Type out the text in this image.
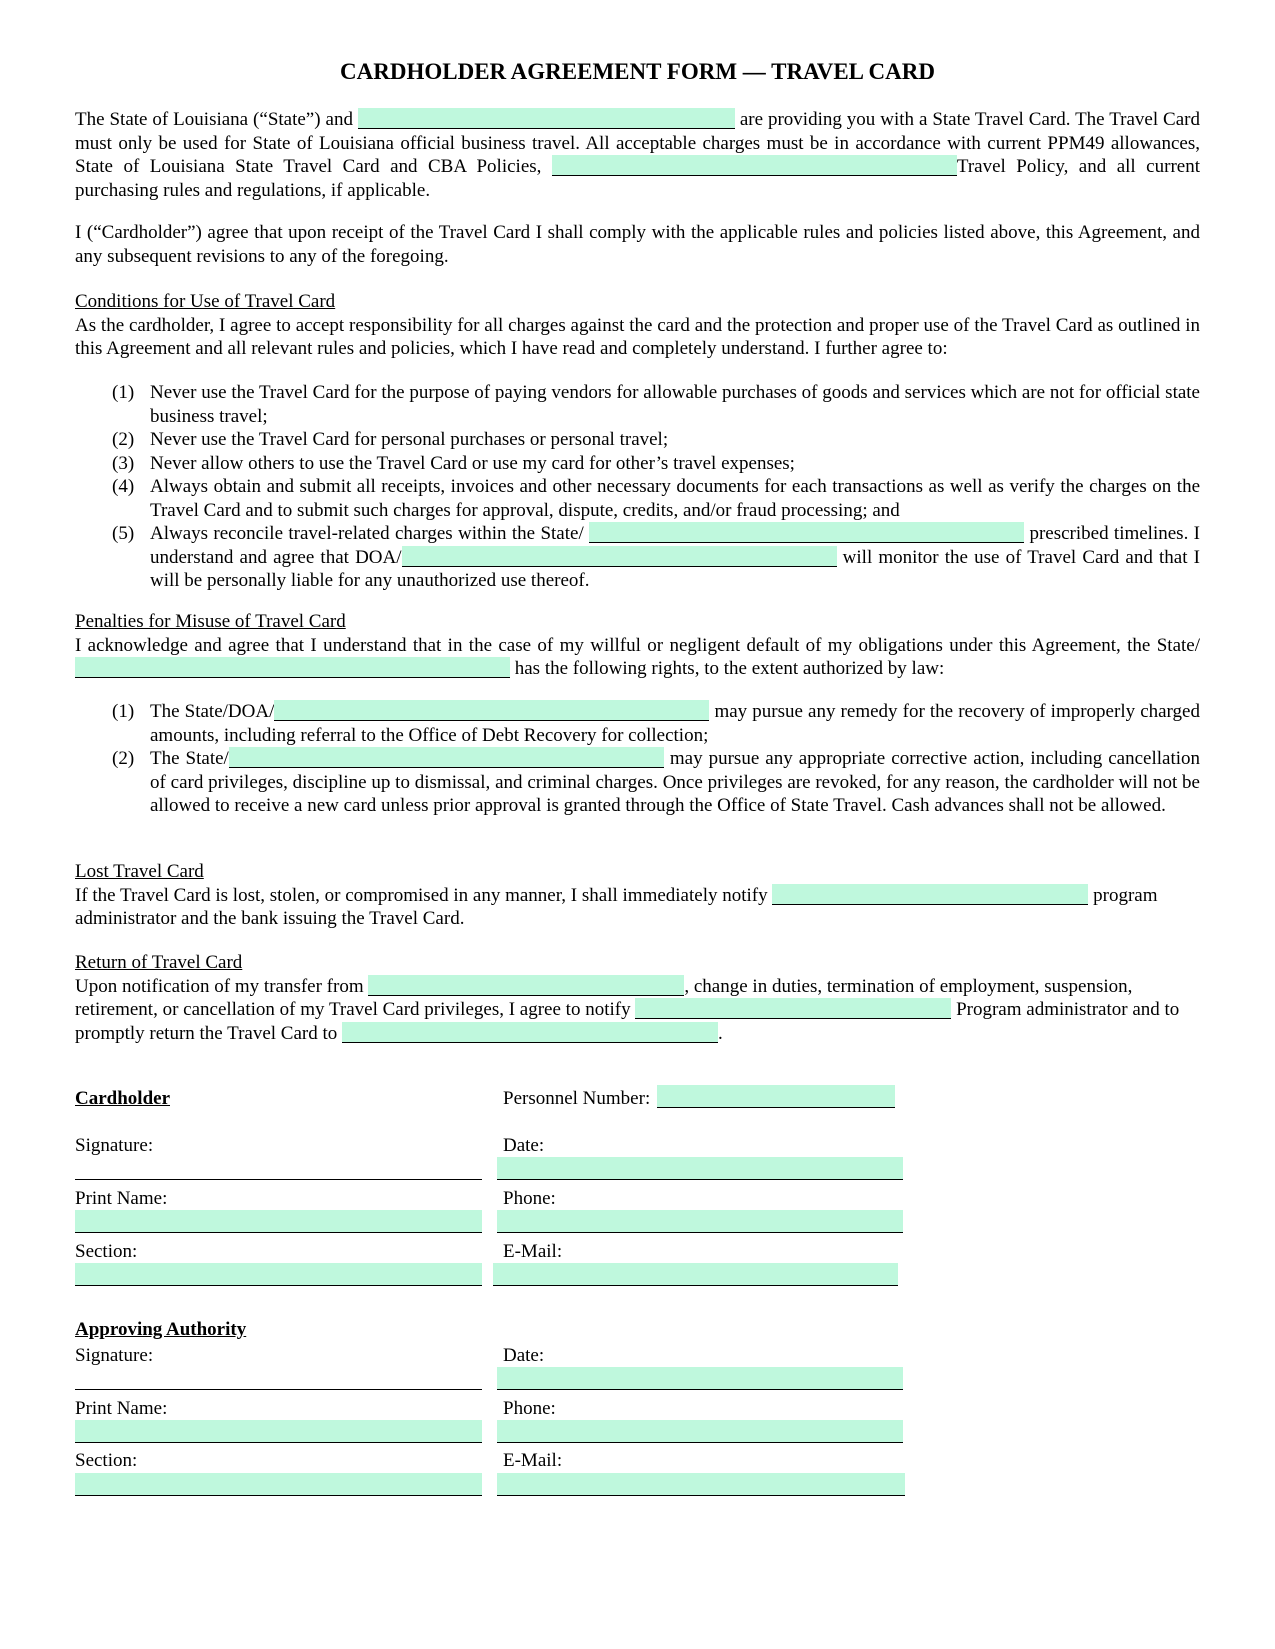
CARDHOLDER AGREEMENT FORM — TRAVEL CARD
The State of Louisiana (“State”) and	are providing you with a State Travel Card. The Travel Card must only be used for State of Louisiana official business travel. All acceptable charges must be in accordance with current PPM49 allowances, State of Louisiana State Travel Card and CBA Policies,	Travel Policy, and all current purchasing rules and regulations, if applicable.
I (“Cardholder”) agree that upon receipt of the Travel Card I shall comply with the applicable rules and policies listed above, this Agreement, and any subsequent revisions to any of the foregoing.
Conditions for Use of Travel Card
As the cardholder, I agree to accept responsibility for all charges against the card and the protection and proper use of the Travel Card as outlined in this Agreement and all relevant rules and policies, which I have read and completely understand. I further agree to:
(1) Never use the Travel Card for the purpose of paying vendors for allowable purchases of goods and services which are not for official state business travel;
(2) Never use the Travel Card for personal purchases or personal travel;
(3) Never allow others to use the Travel Card or use my card for other’s travel expenses;
(4) Always obtain and submit all receipts, invoices and other necessary documents for each transactions as well as verify the charges on the Travel Card and to submit such charges for approval, dispute, credits, and/or fraud processing; and
(5) Always reconcile travel-related charges within the State/	prescribed timelines. I understand and agree that DOA/	will monitor the use of Travel Card and that I will be personally liable for any unauthorized use thereof.
Penalties for Misuse of Travel Card
I acknowledge and agree that I understand that in the case of my willful or negligent default of my obligations under this Agreement, the State/ has the following rights, to the extent authorized by law:
(1) The State/DOA/	may pursue any remedy for the recovery of improperly charged amounts, including referral to the Office of Debt Recovery for collection;
(2) The State/	may pursue any appropriate corrective action, including cancellation of card privileges, discipline up to dismissal, and criminal charges. Once privileges are revoked, for any reason, the cardholder will not be allowed to receive a new card unless prior approval is granted through the Office of State Travel. Cash advances shall not be allowed.
Lost Travel Card
If the Travel Card is lost, stolen, or compromised in any manner, I shall immediately notify	program administrator and the bank issuing the Travel Card.
Return of Travel Card
Upon notification of my transfer from	, change in duties, termination of employment, suspension, retirement, or cancellation of my Travel Card privileges, I agree to notify	Program administrator and to promptly return the Travel Card to	.
Cardholder	Personnel Number:
Signature:	Date:
Print Name:	Phone:
Section:	E-Mail:
Approving Authority
Signature:	Date:
Print Name:	Phone:
Section:	E-Mail:
